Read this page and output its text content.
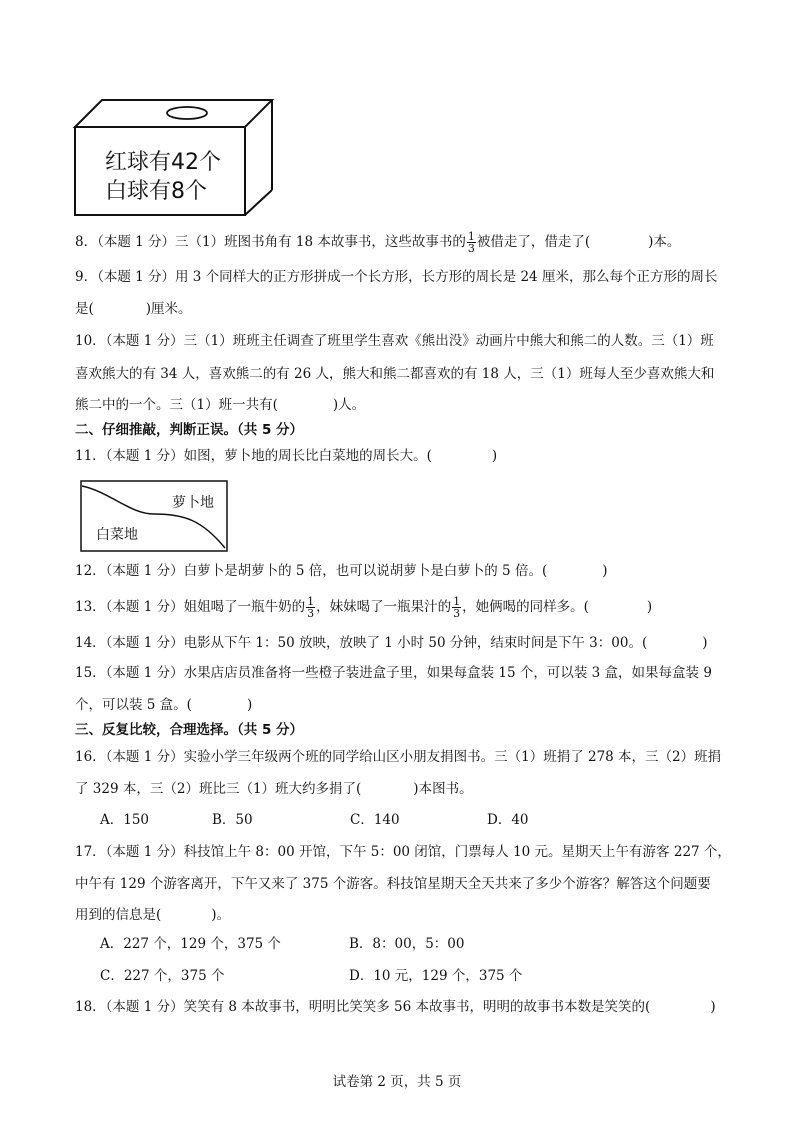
红球有42个
白球有8个
8．（本题 1 分）三（1）班图书角有 18 本故事书，这些故事书的 $\frac{1}{3}$ 被借走了，借走了(	)本。
9．（本题 1 分）用 3 个同样大的正方形拼成一个长方形，长方形的周长是 24 厘米，那么每个正方形的周长
是(	)厘米。
10．（本题 1 分）三（1）班班主任调查了班里学生喜欢《熊出没》动画片中熊大和熊二的人数。三（1）班
喜欢熊大的有 34 人，喜欢熊二的有 26 人，熊大和熊二都喜欢的有 18 人，三（1）班每人至少喜欢熊大和
熊二中的一个。三（1）班一共有(	)人。
二、仔细推敲，判断正误。（共 5 分）
11．（本题 1 分）如图，萝卜地的周长比白菜地的周长大。(	)
萝卜地
白菜地
12．（本题 1 分）白萝卜是胡萝卜的 5 倍，也可以说胡萝卜是白萝卜的 5 倍。(	)
13．（本题 1 分）姐姐喝了一瓶牛奶的 $\frac{1}{3}$ ，妹妹喝了一瓶果汁的 $\frac{1}{3}$ ，她俩喝的同样多。(	)
14．（本题 1 分）电影从下午 1：50 放映，放映了 1 小时 50 分钟，结束时间是下午 3：00。(	)
15．（本题 1 分）水果店店员准备将一些橙子装进盒子里，如果每盒装 15 个，可以装 3 盒，如果每盒装 9
个，可以装 5 盒。(	)
三、反复比较，合理选择。（共 5 分）
16．（本题 1 分）实验小学三年级两个班的同学给山区小朋友捐图书。三（1）班捐了 278 本，三（2）班捐
了 329 本，三（2）班比三（1）班大约多捐了(	)本图书。
A．150	B．50	C．140	D．40
17．（本题 1 分）科技馆上午 8：00 开馆，下午 5：00 闭馆，门票每人 10 元。星期天上午有游客 227 个，
中午有 129 个游客离开，下午又来了 375 个游客。科技馆星期天全天共来了多少个游客？解答这个问题要
用到的信息是(	)。
A．227 个，129 个，375 个	B．8：00，5：00
C．227 个，375 个	D．10 元，129 个，375 个
18．（本题 1 分）笑笑有 8 本故事书，明明比笑笑多 56 本故事书，明明的故事书本数是笑笑的(	)
试卷第 2 页，共 5 页
